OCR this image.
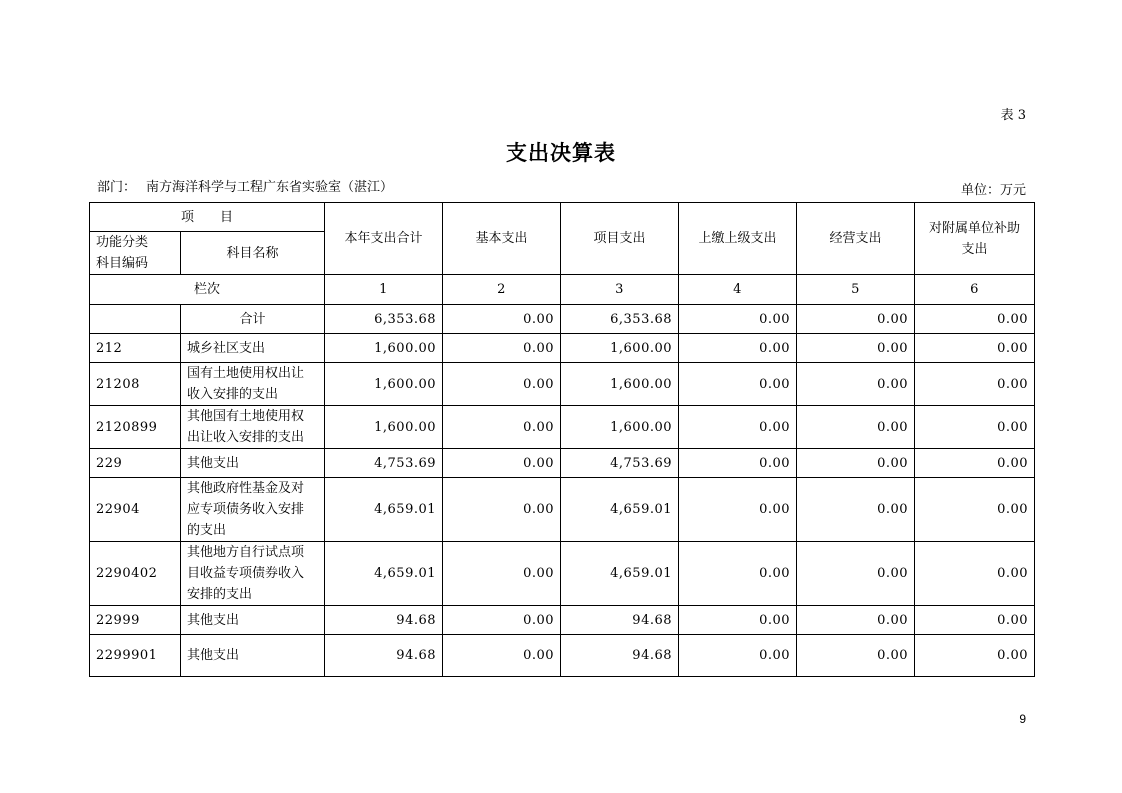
表 3
支出决算表
部门： 南方海洋科学与工程广东省实验室（湛江）	单位：万元
项　　目		本年支出合计	基本支出	项目支出	上缴上级支出	经营支出	对附属单位补助
支出
功能分类
科目编码	科目名称						
栏次		1	2	3	4	5	6
	合计	6,353.68	0.00	6,353.68	0.00	0.00	0.00
212	城乡社区支出	1,600.00	0.00	1,600.00	0.00	0.00	0.00
21208	国有土地使用权出让
收入安排的支出	1,600.00	0.00	1,600.00	0.00	0.00	0.00
2120899	其他国有土地使用权
出让收入安排的支出	1,600.00	0.00	1,600.00	0.00	0.00	0.00
229	其他支出	4,753.69	0.00	4,753.69	0.00	0.00	0.00
22904	其他政府性基金及对
应专项债务收入安排
的支出	4,659.01	0.00	4,659.01	0.00	0.00	0.00
2290402	其他地方自行试点项
目收益专项债券收入
安排的支出	4,659.01	0.00	4,659.01	0.00	0.00	0.00
22999	其他支出	94.68	0.00	94.68	0.00	0.00	0.00
2299901	其他支出	94.68	0.00	94.68	0.00	0.00	0.00
9
